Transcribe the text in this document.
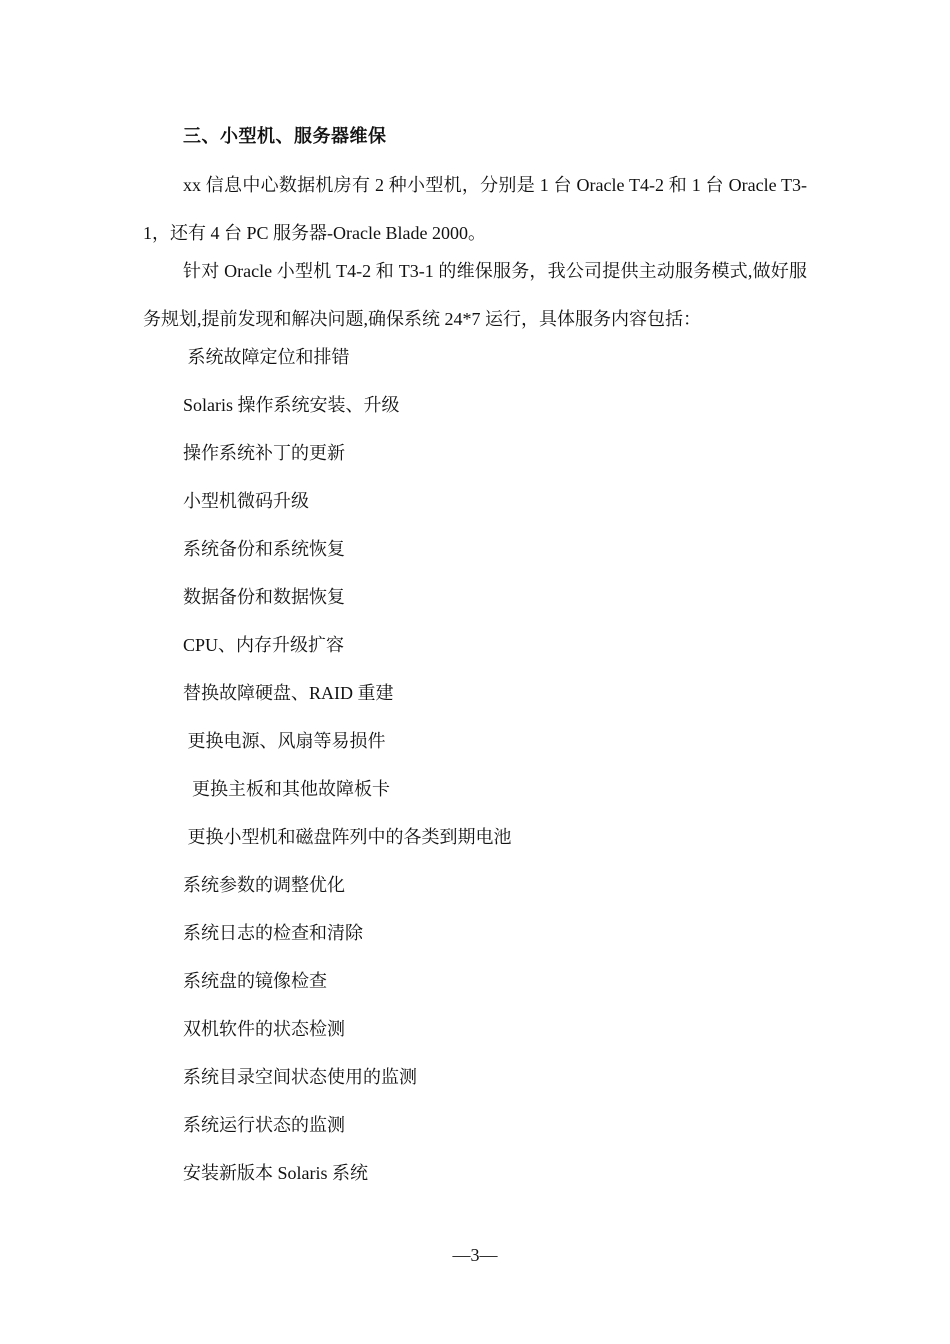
三、小型机、服务器维保

xx 信息中心数据机房有 2 种小型机，分别是 1 台 Oracle T4-2 和 1 台 Oracle T3-1，还有 4 台 PC 服务器-Oracle Blade 2000。

针对 Oracle 小型机 T4-2 和 T3-1 的维保服务，我公司提供主动服务模式,做好服务规划,提前发现和解决问题,确保系统 24*7 运行，具体服务内容包括：

系统故障定位和排错
Solaris 操作系统安装、升级
操作系统补丁的更新
小型机微码升级
系统备份和系统恢复
数据备份和数据恢复
CPU、内存升级扩容
替换故障硬盘、RAID 重建
更换电源、风扇等易损件
更换主板和其他故障板卡
更换小型机和磁盘阵列中的各类到期电池
系统参数的调整优化
系统日志的检查和清除
系统盘的镜像检查
双机软件的状态检测
系统目录空间状态使用的监测
系统运行状态的监测
安装新版本 Solaris 系统
—3—
